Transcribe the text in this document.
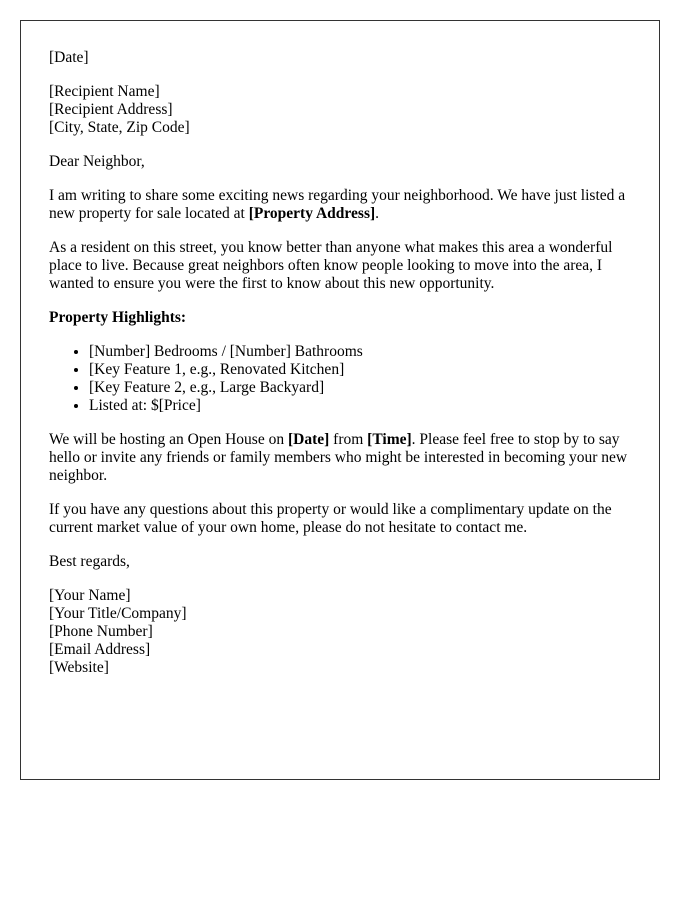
[Date]
[Recipient Name]
[Recipient Address]
[City, State, Zip Code]

Dear Neighbor,

I am writing to share some exciting news regarding your neighborhood. We have just listed a new property for sale located at [Property Address].

As a resident on this street, you know better than anyone what makes this area a wonderful place to live. Because great neighbors often know people looking to move into the area, I wanted to ensure you were the first to know about this new opportunity.

Property Highlights:

• [Number] Bedrooms / [Number] Bathrooms
• [Key Feature 1, e.g., Renovated Kitchen]
• [Key Feature 2, e.g., Large Backyard]
• Listed at: $[Price]

We will be hosting an Open House on [Date] from [Time]. Please feel free to stop by to say hello or invite any friends or family members who might be interested in becoming your new neighbor.

If you have any questions about this property or would like a complimentary update on the current market value of your own home, please do not hesitate to contact me.

Best regards,

[Your Name]
[Your Title/Company]
[Phone Number]
[Email Address]
[Website]
